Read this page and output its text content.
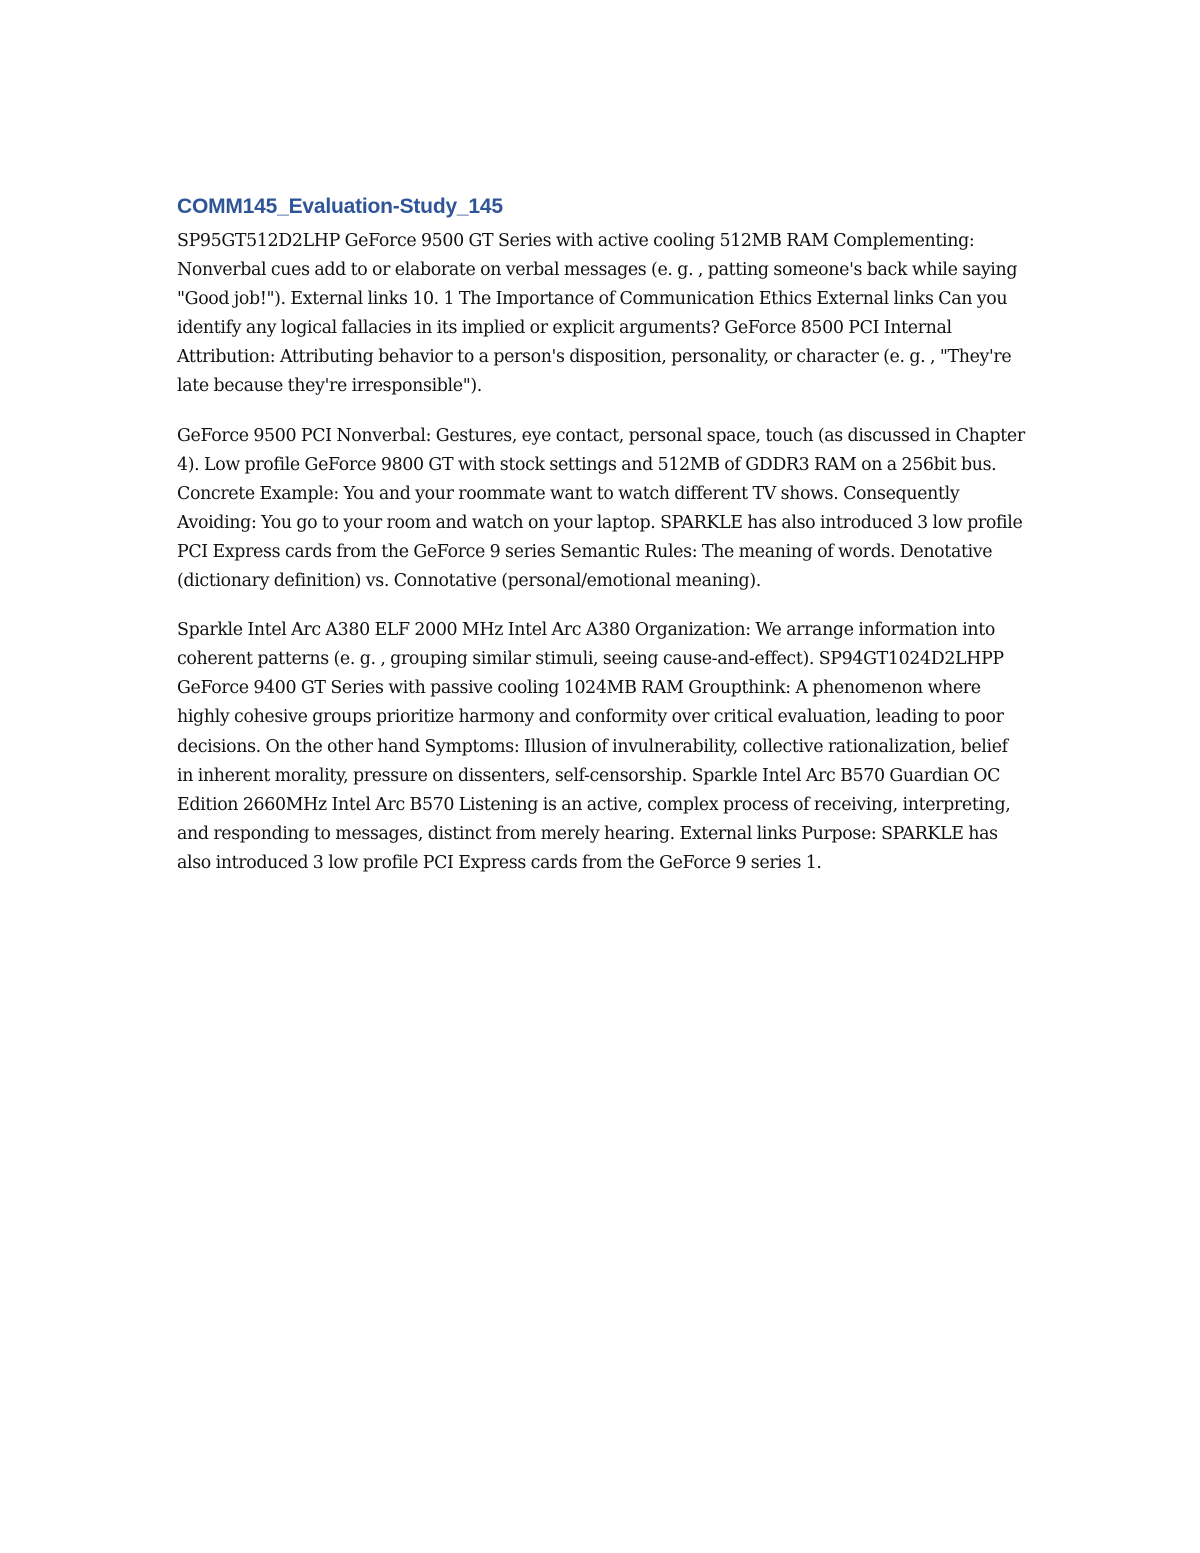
COMM145_Evaluation-Study_145

SP95GT512D2LHP GeForce 9500 GT Series with active cooling 512MB RAM Complementing: Nonverbal cues add to or elaborate on verbal messages (e. g. , patting someone's back while saying "Good job!"). External links 10. 1 The Importance of Communication Ethics External links Can you identify any logical fallacies in its implied or explicit arguments? GeForce 8500 PCI Internal Attribution: Attributing behavior to a person's disposition, personality, or character (e. g. , "They're late because they're irresponsible").

GeForce 9500 PCI Nonverbal: Gestures, eye contact, personal space, touch (as discussed in Chapter 4). Low profile GeForce 9800 GT with stock settings and 512MB of GDDR3 RAM on a 256bit bus. Concrete Example: You and your roommate want to watch different TV shows. Consequently Avoiding: You go to your room and watch on your laptop. SPARKLE has also introduced 3 low profile PCI Express cards from the GeForce 9 series Semantic Rules: The meaning of words. Denotative (dictionary definition) vs. Connotative (personal/emotional meaning).

Sparkle Intel Arc A380 ELF 2000 MHz Intel Arc A380 Organization: We arrange information into coherent patterns (e. g. , grouping similar stimuli, seeing cause-and-effect). SP94GT1024D2LHPP GeForce 9400 GT Series with passive cooling 1024MB RAM Groupthink: A phenomenon where highly cohesive groups prioritize harmony and conformity over critical evaluation, leading to poor decisions. On the other hand Symptoms: Illusion of invulnerability, collective rationalization, belief in inherent morality, pressure on dissenters, self-censorship. Sparkle Intel Arc B570 Guardian OC Edition 2660MHz Intel Arc B570 Listening is an active, complex process of receiving, interpreting, and responding to messages, distinct from merely hearing. External links Purpose: SPARKLE has also introduced 3 low profile PCI Express cards from the GeForce 9 series 1.
